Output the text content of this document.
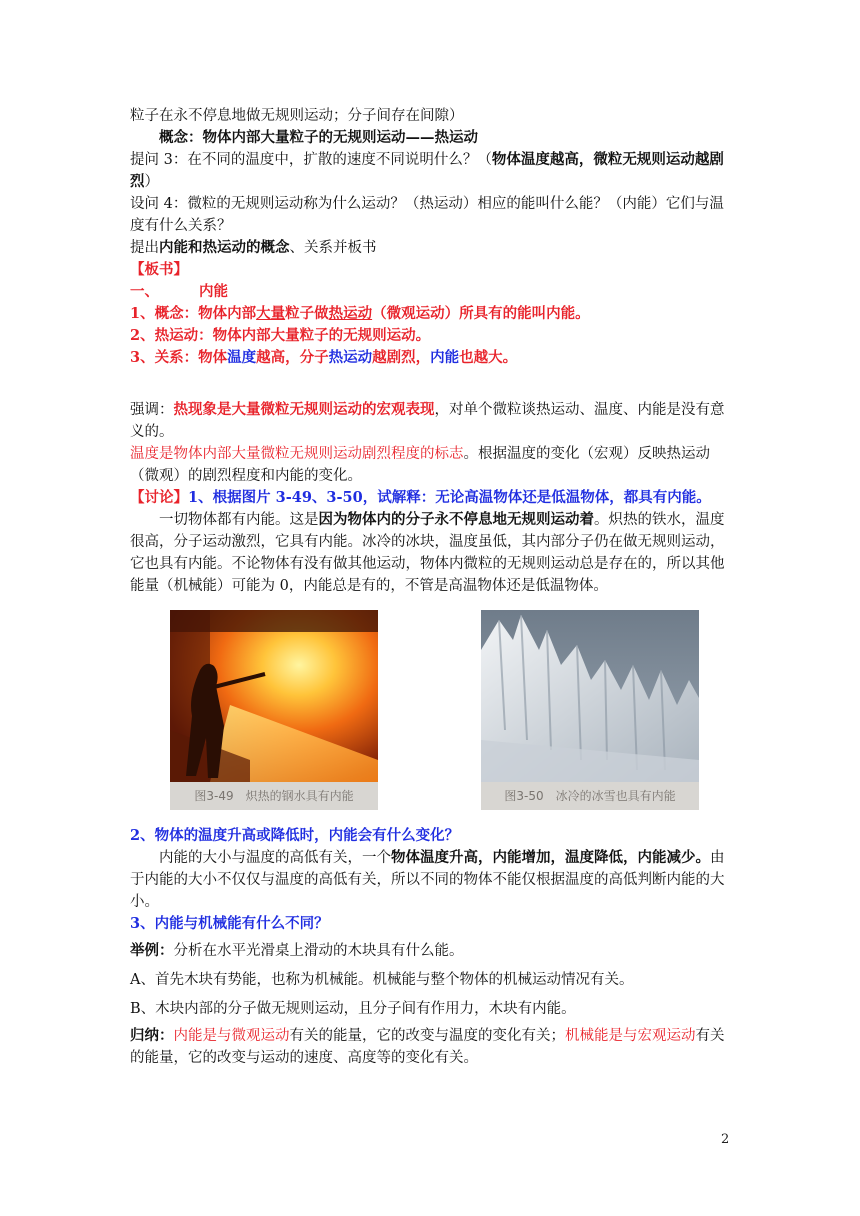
粒子在永不停息地做无规则运动；分子间存在间隙）

概念：物体内部大量粒子的无规则运动——热运动

提问 3：在不同的温度中，扩散的速度不同说明什么？（物体温度越高，微粒无规则运动越剧烈）

设问 4：微粒的无规则运动称为什么运动？（热运动）相应的能叫什么能？（内能）它们与温度有什么关系？

提出内能和热运动的概念、关系并板书

【板书】

一、	内能

1、概念：物体内部大量粒子做热运动（微观运动）所具有的能叫内能。

2、热运动：物体内部大量粒子的无规则运动。

3、关系：物体温度越高，分子热运动越剧烈，内能也越大。

强调：热现象是大量微粒无规则运动的宏观表现，对单个微粒谈热运动、温度、内能是没有意义的。

温度是物体内部大量微粒无规则运动剧烈程度的标志。根据温度的变化（宏观）反映热运动（微观）的剧烈程度和内能的变化。

【讨论】1、根据图片 3-49、3-50，试解释：无论高温物体还是低温物体，都具有内能。

一切物体都有内能。这是因为物体内的分子永不停息地无规则运动着。炽热的铁水，温度很高，分子运动激烈，它具有内能。冰冷的冰块，温度虽低，其内部分子仍在做无规则运动，它也具有内能。不论物体有没有做其他运动，物体内微粒的无规则运动总是存在的，所以其他能量（机械能）可能为 0，内能总是有的，不管是高温物体还是低温物体。

图3-49　炽热的钢水具有内能	图3-50　冰冷的冰雪也具有内能

2、物体的温度升高或降低时，内能会有什么变化？

内能的大小与温度的高低有关，一个物体温度升高，内能增加，温度降低，内能减少。由于内能的大小不仅仅与温度的高低有关，所以不同的物体不能仅根据温度的高低判断内能的大小。

3、内能与机械能有什么不同？

举例：分析在水平光滑桌上滑动的木块具有什么能。

A、首先木块有势能，也称为机械能。机械能与整个物体的机械运动情况有关。

B、木块内部的分子做无规则运动，且分子间有作用力，木块有内能。

归纳：内能是与微观运动有关的能量，它的改变与温度的变化有关；机械能是与宏观运动有关的能量，它的改变与运动的速度、高度等的变化有关。

2
